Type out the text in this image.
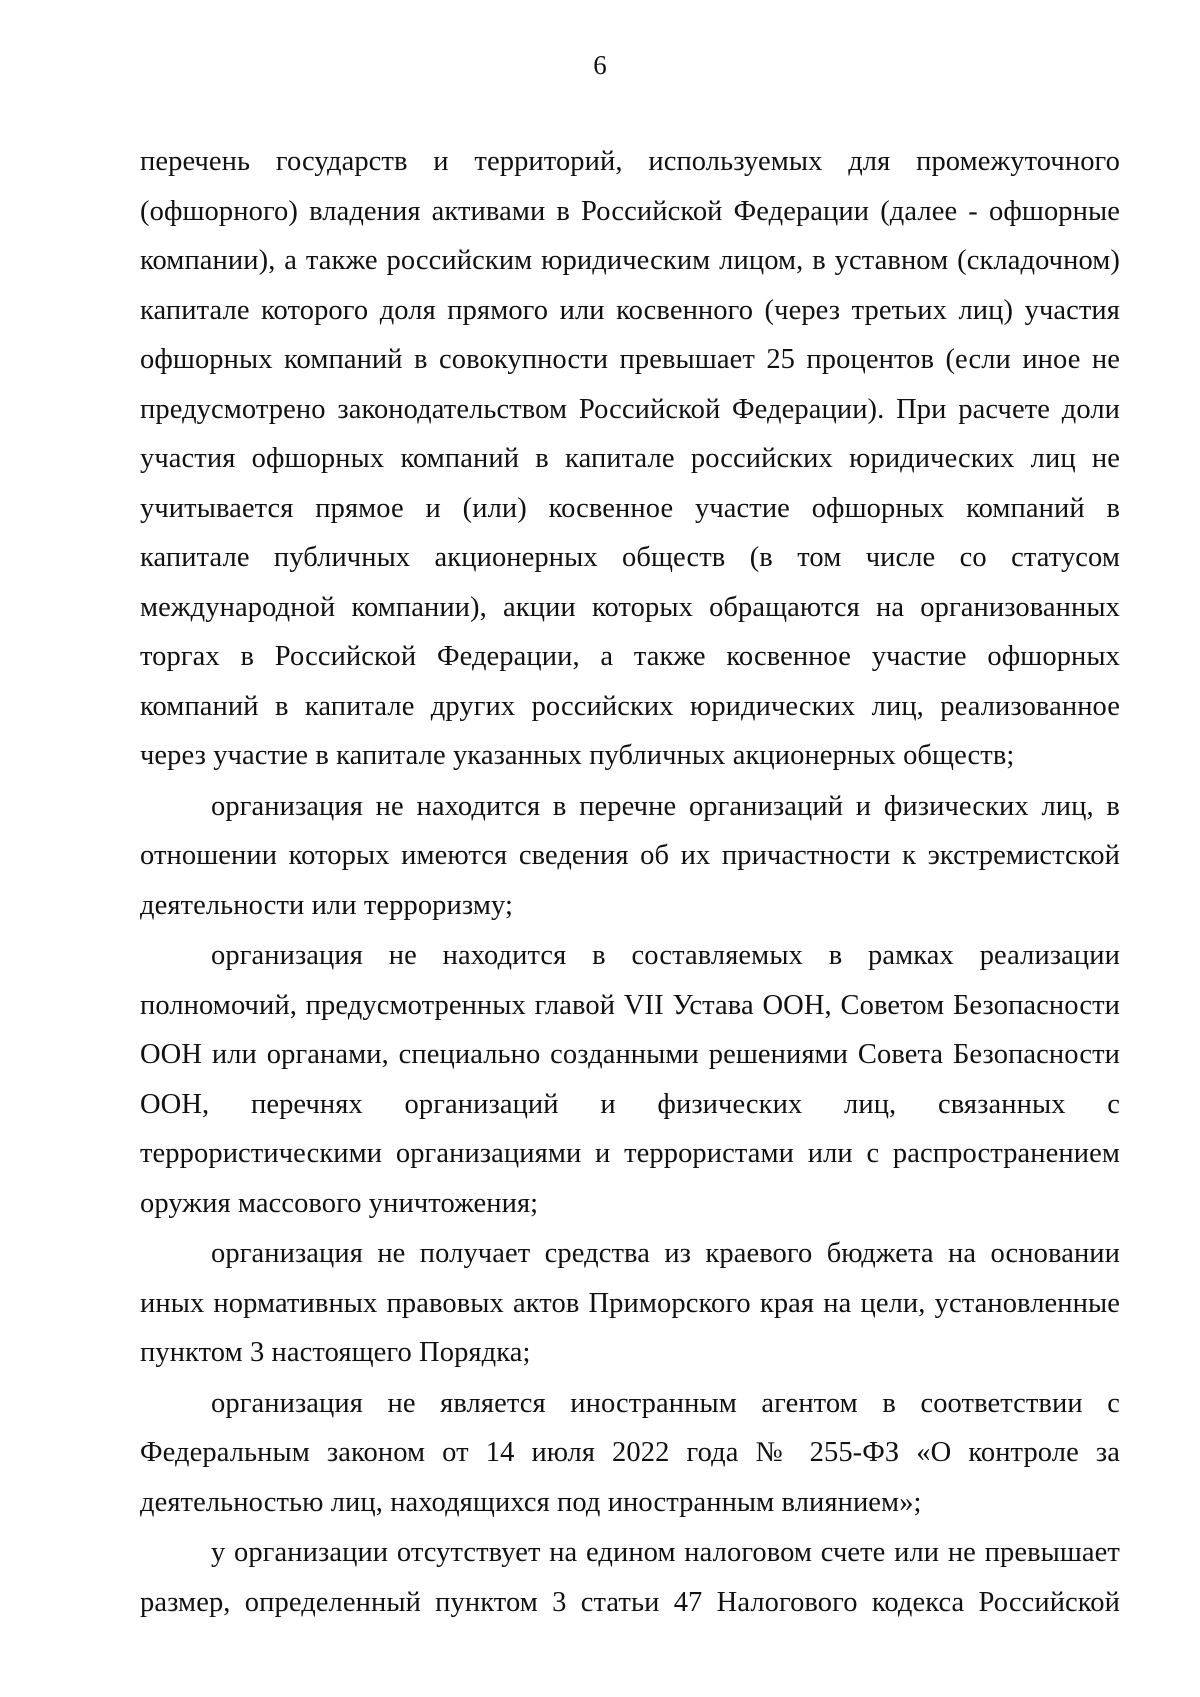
6

перечень государств и территорий, используемых для промежуточного (офшорного) владения активами в Российской Федерации (далее - офшорные компании), а также российским юридическим лицом, в уставном (складочном) капитале которого доля прямого или косвенного (через третьих лиц) участия офшорных компаний в совокупности превышает 25 процентов (если иное не предусмотрено законодательством Российской Федерации). При расчете доли участия офшорных компаний в капитале российских юридических лиц не учитывается прямое и (или) косвенное участие офшорных компаний в капитале публичных акционерных обществ (в том числе со статусом международной компании), акции которых обращаются на организованных торгах в Российской Федерации, а также косвенное участие офшорных компаний в капитале других российских юридических лиц, реализованное через участие в капитале указанных публичных акционерных обществ;

организация не находится в перечне организаций и физических лиц, в отношении которых имеются сведения об их причастности к экстремистской деятельности или терроризму;

организация не находится в составляемых в рамках реализации полномочий, предусмотренных главой VII Устава ООН, Советом Безопасности ООН или органами, специально созданными решениями Совета Безопасности ООН, перечнях организаций и физических лиц, связанных с террористическими организациями и террористами или с распространением оружия массового уничтожения;

организация не получает средства из краевого бюджета на основании иных нормативных правовых актов Приморского края на цели, установленные пунктом 3 настоящего Порядка;

организация не является иностранным агентом в соответствии с Федеральным законом от 14 июля 2022 года № 255-ФЗ «О контроле за деятельностью лиц, находящихся под иностранным влиянием»;

у организации отсутствует на едином налоговом счете или не превышает размер, определенный пунктом 3 статьи 47 Налогового кодекса Российской
